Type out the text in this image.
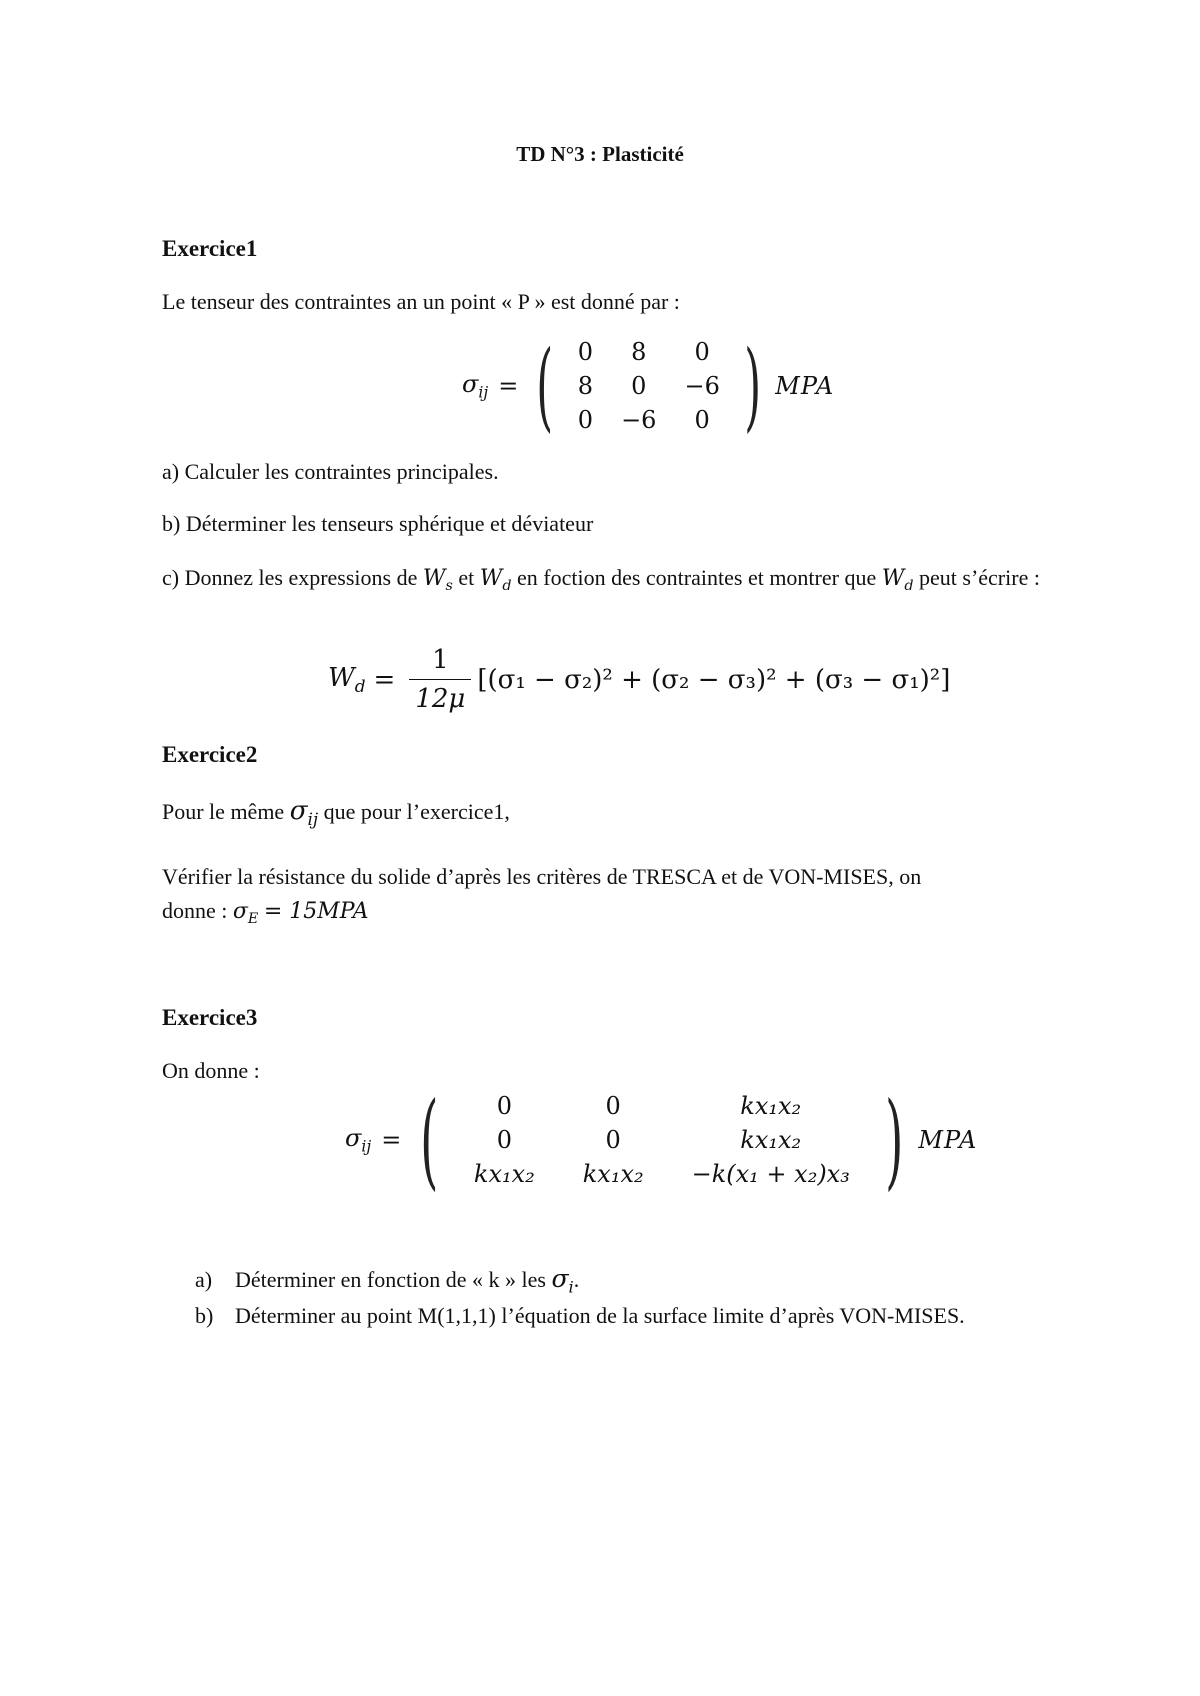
TD N°3 : Plasticité
Exercice1
Le tenseur des contraintes an un point « P » est donné par :
$\sigma_{ij}$ = ( 0	8	0
8	0	−6
0	−6	0 ) MPA
a) Calculer les contraintes principales.
b) Déterminer les tenseurs sphérique et déviateur
c) Donnez les expressions de $W_s$ et $W_d$ en foction des contraintes et montrer que $W_d$ peut s’écrire :
$W_d = \frac{1}{12\mu} [(\sigma_1 - \sigma_2)^2 + (\sigma_2 - \sigma_3)^2 + (\sigma_3 - \sigma_1)^2]$
Exercice2
Pour le même $\sigma_{ij}$ que pour l’exercice1,
Vérifier la résistance du solide d’après les critères de TRESCA et de VON-MISES, on
donne : $\sigma_E = 15MPA$
Exercice3
On donne :
$\sigma_{ij}$ = ( 0	0	kx₁x₂
0	0	kx₁x₂
kx₁x₂	kx₁x₂	−k(x₁ + x₂)x₃ ) MPA
a)	Déterminer en fonction de « k » les $\sigma_i$.
b) Déterminer au point M(1,1,1) l’équation de la surface limite d’après VON-MISES.
